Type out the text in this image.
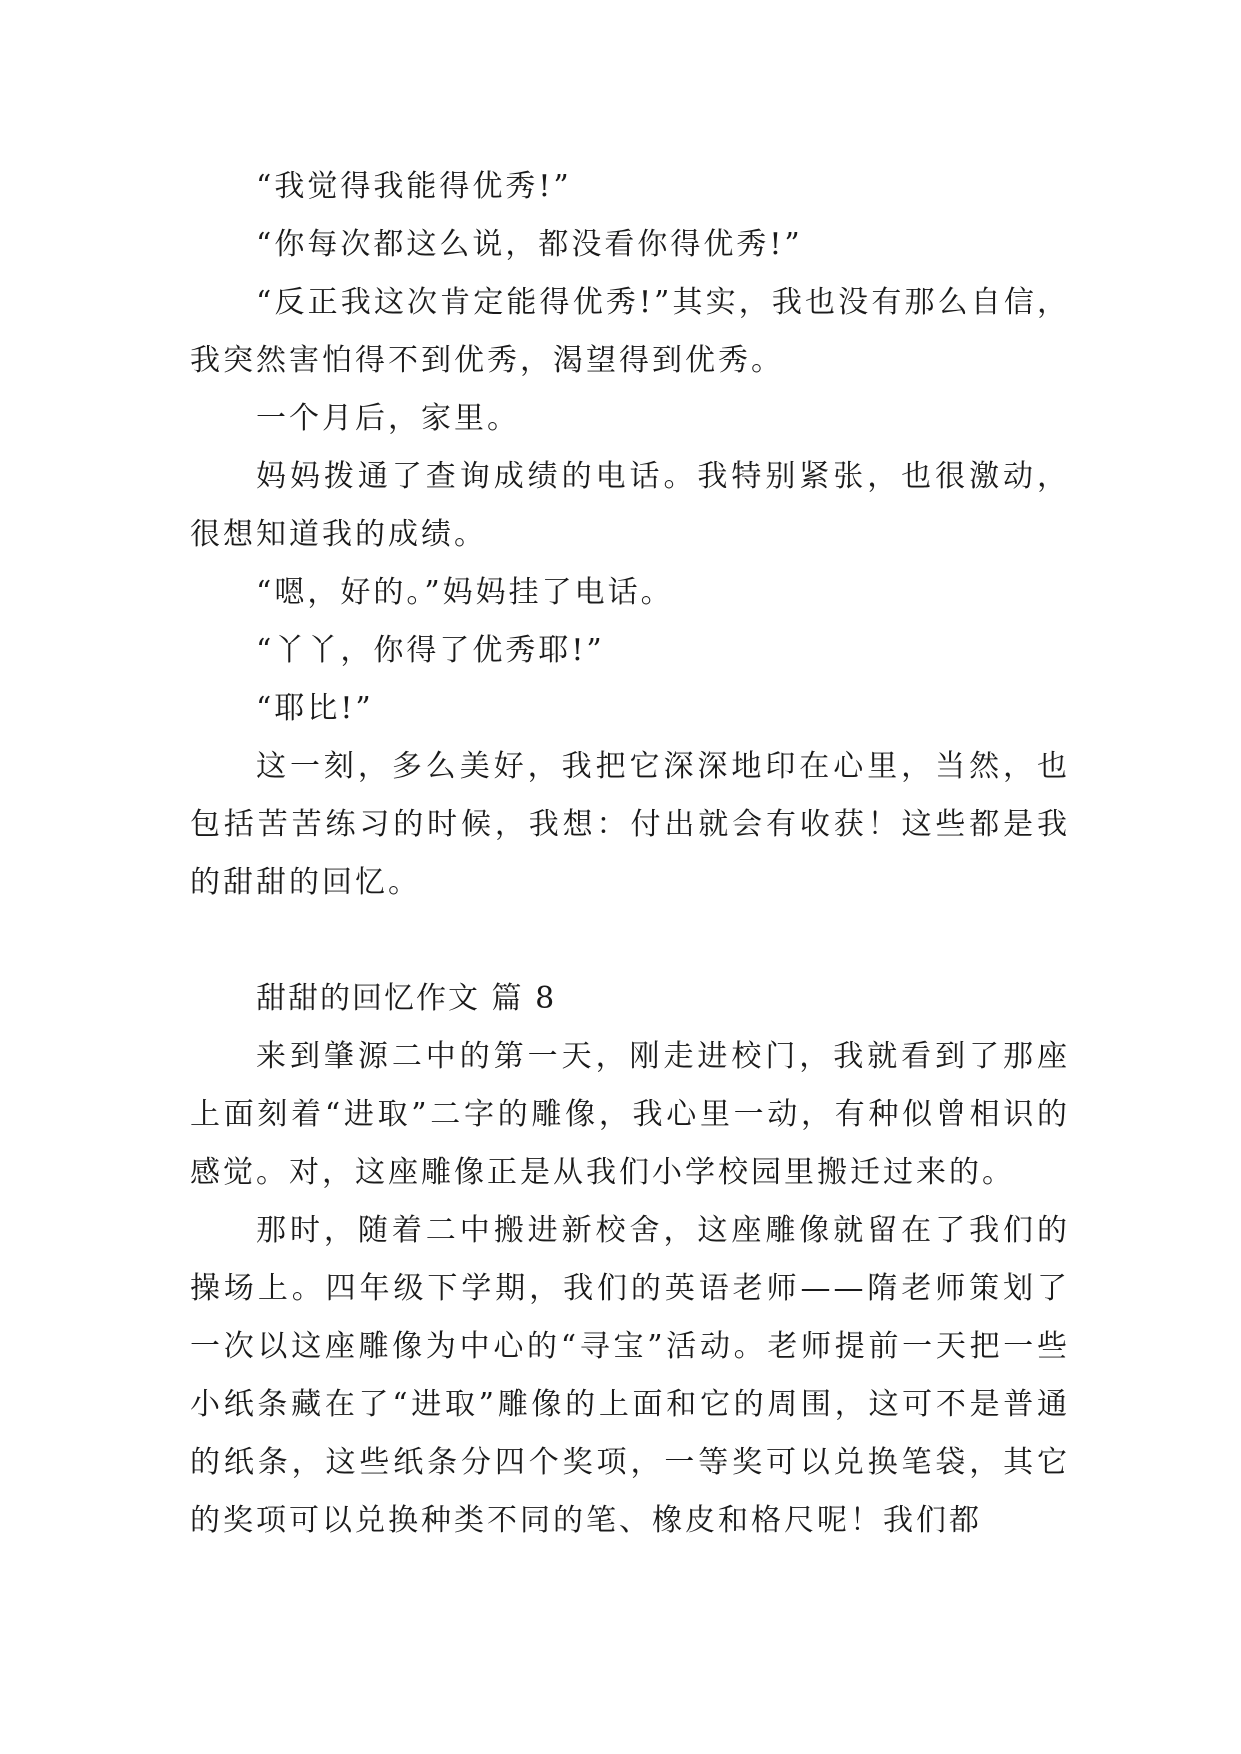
“我觉得我能得优秀!”

“你每次都这么说，都没看你得优秀!”

“反正我这次肯定能得优秀!”其实，我也没有那么自信，我突然害怕得不到优秀，渴望得到优秀。

一个月后，家里。

妈妈拨通了查询成绩的电话。我特别紧张，也很激动，很想知道我的成绩。

“嗯，好的。”妈妈挂了电话。

“丫丫，你得了优秀耶!”

“耶比!”

这一刻，多么美好，我把它深深地印在心里，当然，也包括苦苦练习的时候，我想：付出就会有收获！这些都是我的甜甜的回忆。

甜甜的回忆作文 篇 8

来到肇源二中的第一天，刚走进校门，我就看到了那座上面刻着“进取”二字的雕像，我心里一动，有种似曾相识的感觉。对，这座雕像正是从我们小学校园里搬迁过来的。

那时，随着二中搬进新校舍，这座雕像就留在了我们的操场上。四年级下学期，我们的英语老师——隋老师策划了一次以这座雕像为中心的“寻宝”活动。老师提前一天把一些小纸条藏在了“进取”雕像的上面和它的周围，这可不是普通的纸条，这些纸条分四个奖项，一等奖可以兑换笔袋，其它的奖项可以兑换种类不同的笔、橡皮和格尺呢！我们都
